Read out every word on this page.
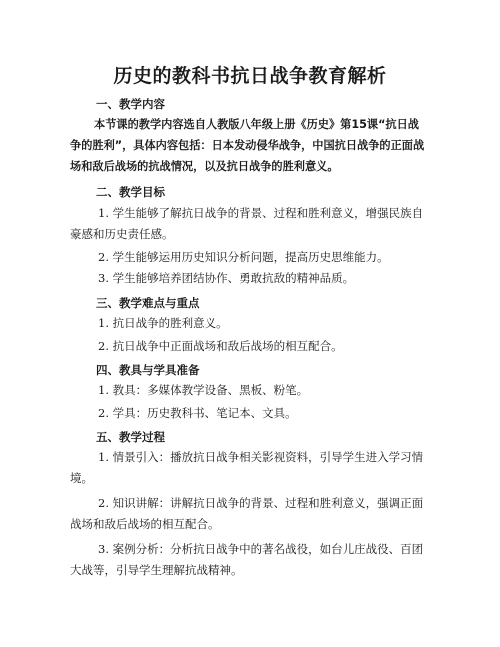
历史的教科书抗日战争教育解析
一、教学内容

本节课的教学内容选自人教版八年级上册《历史》第15课“抗日战争的胜利”，具体内容包括：日本发动侵华战争，中国抗日战争的正面战场和敌后战场的抗战情况，以及抗日战争的胜利意义。

二、教学目标

1. 学生能够了解抗日战争的背景、过程和胜利意义，增强民族自豪感和历史责任感。

2. 学生能够运用历史知识分析问题，提高历史思维能力。

3. 学生能够培养团结协作、勇敢抗敌的精神品质。

三、教学难点与重点

1. 抗日战争的胜利意义。

2. 抗日战争中正面战场和敌后战场的相互配合。

四、教具与学具准备

1. 教具：多媒体教学设备、黑板、粉笔。

2. 学具：历史教科书、笔记本、文具。

五、教学过程

1. 情景引入：播放抗日战争相关影视资料，引导学生进入学习情境。

2. 知识讲解：讲解抗日战争的背景、过程和胜利意义，强调正面战场和敌后战场的相互配合。

3. 案例分析：分析抗日战争中的著名战役，如台儿庄战役、百团大战等，引导学生理解抗战精神。
